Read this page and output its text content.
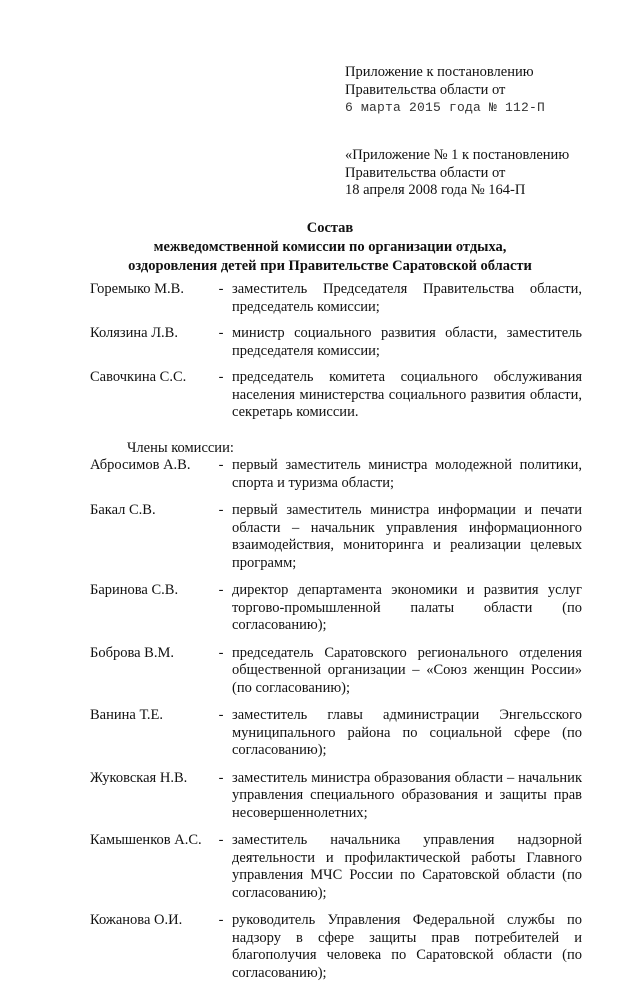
Приложение к постановлению
Правительства области от
6 марта 2015 года № 112-П
«Приложение № 1 к постановлению
Правительства области от
18 апреля 2008 года № 164-П
Состав
межведомственной комиссии по организации отдыха,
оздоровления детей при Правительстве Саратовской области
Горемыко М.В.	- заместитель Председателя Правительства области, председатель комиссии;
Колязина Л.В.	- министр социального развития области, заместитель председателя комиссии;
Савочкина С.С.	- председатель комитета социального обслуживания населения министерства социального развития области, секретарь комиссии.
Члены комиссии:
Абросимов А.В.	- первый заместитель министра молодежной политики, спорта и туризма области;
Бакал С.В.	- первый заместитель министра информации и печати области – начальник управления информационного взаимодействия, мониторинга и реализации целевых программ;
Баринова С.В.	- директор департамента экономики и развития услуг торгово-промышленной палаты области (по согласованию);
Боброва В.М.	- председатель Саратовского регионального отделения общественной организации – «Союз женщин России» (по согласованию);
Ванина Т.Е.	- заместитель главы администрации Энгельсского муниципального района по социальной сфере (по согласованию);
Жуковская Н.В.	- заместитель министра образования области – начальник управления специального образования и защиты прав несовершеннолетних;
Камышенков А.С.	- заместитель начальника управления надзорной деятельности и профилактической работы Главного управления МЧС России по Саратовской области (по согласованию);
Кожанова О.И.	- руководитель Управления Федеральной службы по надзору в сфере защиты прав потребителей и благополучия человека по Саратовской области (по согласованию);
